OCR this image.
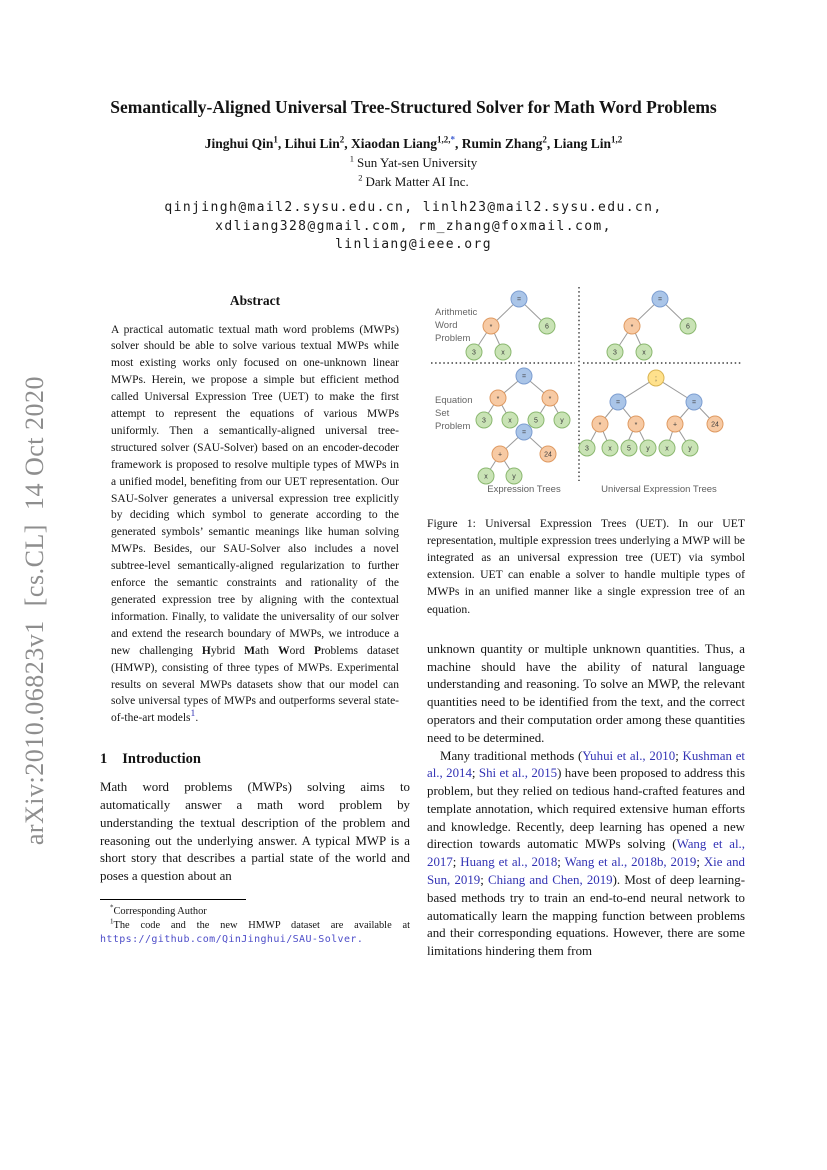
arXiv:2010.06823v1  [cs.CL]  14 Oct 2020
Semantically-Aligned Universal Tree-Structured Solver for Math Word Problems
Jinghui Qin$^1$, Lihui Lin$^2$, Xiaodan Liang$^{1,2,*}$, Rumin Zhang$^2$, Liang Lin$^{1,2}$
$^1$ Sun Yat-sen University
$^2$ Dark Matter AI Inc.
qinjingh@mail2.sysu.edu.cn, linlh23@mail2.sysu.edu.cn,
xdliang328@gmail.com, rm_zhang@foxmail.com,
linliang@ieee.org
Abstract

A practical automatic textual math word problems (MWPs) solver should be able to solve various textual MWPs while most existing works only focused on one-unknown linear MWPs. Herein, we propose a simple but efficient method called Universal Expression Tree (UET) to make the first attempt to represent the equations of various MWPs uniformly. Then a semantically-aligned universal tree-structured solver (SAU-Solver) based on an encoder-decoder framework is proposed to resolve multiple types of MWPs in a unified model, benefiting from our UET representation. Our SAU-Solver generates a universal expression tree explicitly by deciding which symbol to generate according to the generated symbols’ semantic meanings like human solving MWPs. Besides, our SAU-Solver also includes a novel subtree-level semantically-aligned regularization to further enforce the semantic constraints and rationality of the generated expression tree by aligning with the contextual information. Finally, to validate the universality of our solver and extend the research boundary of MWPs, we introduce a new challenging Hybrid Math Word Problems dataset (HMWP), consisting of three types of MWPs. Experimental results on several MWPs datasets show that our model can solve universal types of MWPs and outperforms several state-of-the-art models$^1$.

1 Introduction

Math word problems (MWPs) solving aims to automatically answer a math word problem by understanding the textual description of the problem and reasoning out the underlying answer. A typical MWP is a short story that describes a partial state of the world and poses a question about an

*Corresponding Author

$^1$The code and the new HMWP dataset are available at https://github.com/QinJinghui/SAU-Solver.

Arithmetic Word Problem
Equation Set Problem
=
*	6
3	x
=
*	6
3	x
=
*	*
3	x	5	y
=
+	24
x	y
;
=	=
*	*	+	24
3	x 5 y x	y
Expression Trees	Universal Expression Trees
Figure 1: Universal Expression Trees (UET). In our UET representation, multiple expression trees underlying a MWP will be integrated as an universal expression tree (UET) via symbol extension. UET can enable a solver to handle multiple types of MWPs in an unified manner like a single expression tree of an equation.

unknown quantity or multiple unknown quantities. Thus, a machine should have the ability of natural language understanding and reasoning. To solve an MWP, the relevant quantities need to be identified from the text, and the correct operators and their computation order among these quantities need to be determined.

Many traditional methods (Yuhui et al., 2010; Kushman et al., 2014; Shi et al., 2015) have been proposed to address this problem, but they relied on tedious hand-crafted features and template annotation, which required extensive human efforts and knowledge. Recently, deep learning has opened a new direction towards automatic MWPs solving (Wang et al., 2017; Huang et al., 2018; Wang et al., 2018b, 2019; Xie and Sun, 2019; Chiang and Chen, 2019). Most of deep learning-based methods try to train an end-to-end neural network to automatically learn the mapping function between problems and their corresponding equations. However, there are some limitations hindering them from
